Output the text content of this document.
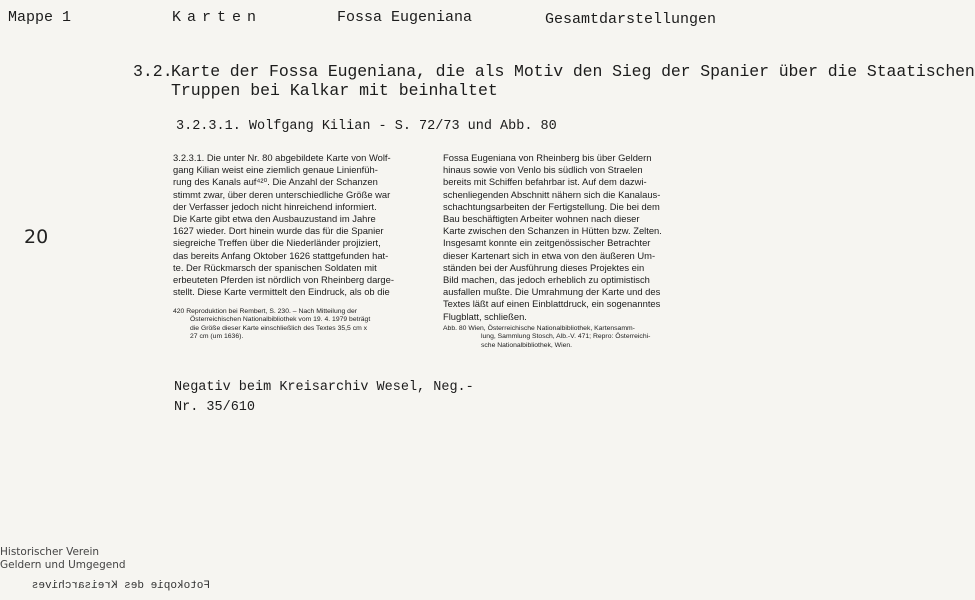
Mappe 1	Karten	Fossa Eugeniana	Gesamtdarstellungen
20
3.2.
Karte der Fossa Eugeniana, die als Motiv den Sieg der Spanier über die Staatischen
Truppen bei Kalkar mit beinhaltet
3.2.3.1. Wolfgang Kilian - S. 72/73 und Abb. 80
3.2.3.1. Die unter Nr. 80 abgebildete Karte von Wolf-
gang Kilian weist eine ziemlich genaue Linienfüh-
rung des Kanals auf⁴²⁰. Die Anzahl der Schanzen
stimmt zwar, über deren unterschiedliche Größe war
der Verfasser jedoch nicht hinreichend informiert.
Die Karte gibt etwa den Ausbauzustand im Jahre
1627 wieder. Dort hinein wurde das für die Spanier
siegreiche Treffen über die Niederländer projiziert,
das bereits Anfang Oktober 1626 stattgefunden hat-
te. Der Rückmarsch der spanischen Soldaten mit
erbeuteten Pferden ist nördlich von Rheinberg darge-
stellt. Diese Karte vermittelt den Eindruck, als ob die
Fossa Eugeniana von Rheinberg bis über Geldern
hinaus sowie von Venlo bis südlich von Straelen
bereits mit Schiffen befahrbar ist. Auf dem dazwi-
schenliegenden Abschnitt nähern sich die Kanalaus-
schachtungsarbeiten der Fertigstellung. Die bei dem
Bau beschäftigten Arbeiter wohnen nach dieser
Karte zwischen den Schanzen in Hütten bzw. Zelten.
Insgesamt konnte ein zeitgenössischer Betrachter
dieser Kartenart sich in etwa von den äußeren Um-
ständen bei der Ausführung dieses Projektes ein
Bild machen, das jedoch erheblich zu optimistisch
ausfallen mußte. Die Umrahmung der Karte und des
Textes läßt auf einen Einblattdruck, ein sogenanntes
Flugblatt, schließen.
420 Reproduktion bei Rembert, S. 230. – Nach Mitteilung der
Österreichischen Nationalbibliothek vom 19. 4. 1979 beträgt
die Größe dieser Karte einschließlich des Textes 35,5 cm x
27 cm (um 1636).
Abb. 80 Wien, Österreichische Nationalbibliothek, Kartensamm-
lung, Sammlung Stosch, Alb.-V. 471; Repro: Österreichi-
sche Nationalbibliothek, Wien.
Negativ beim Kreisarchiv Wesel, Neg.-
Nr. 35/610
Historischer Verein
Geldern und Umgegend
Fotokopie des Kreisarchives
